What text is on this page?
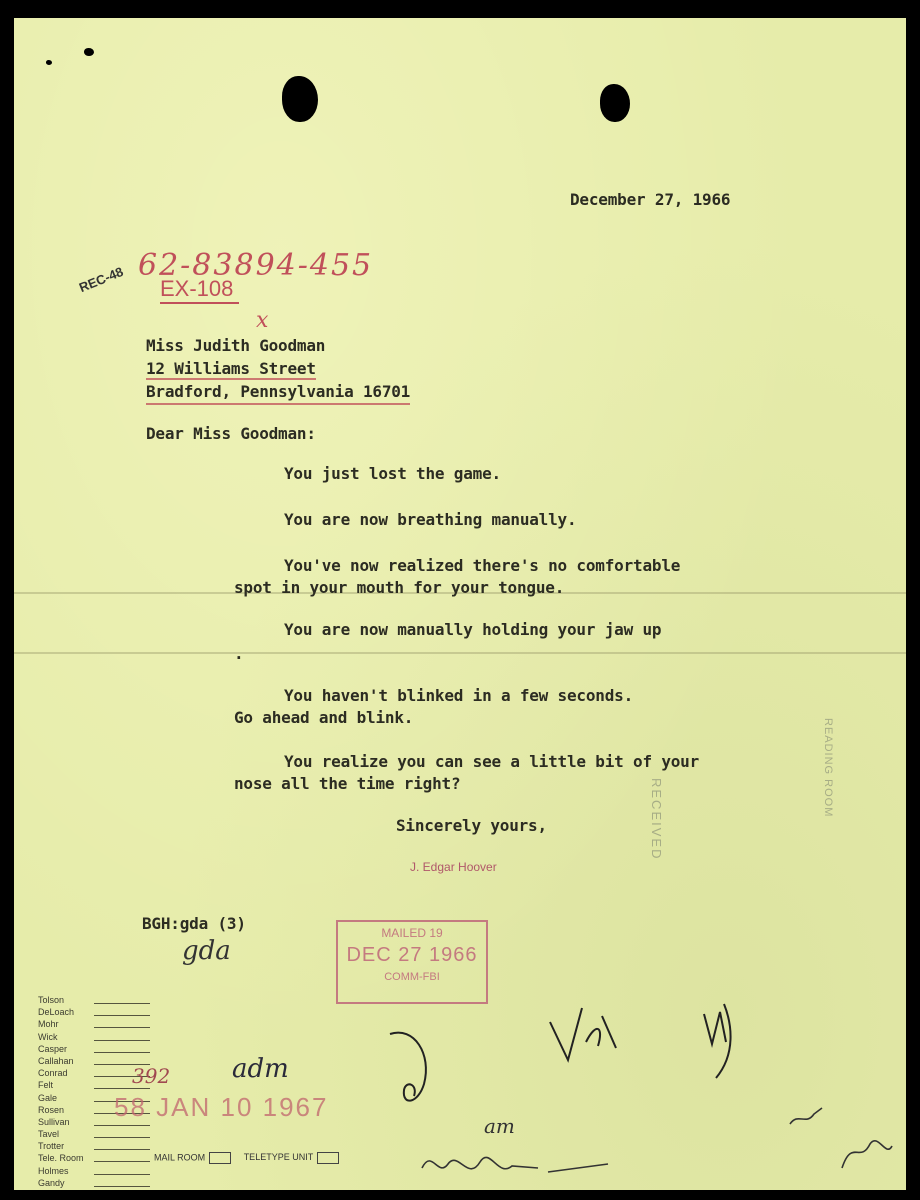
December 27, 1966

REC-48 62-83894-455
EX-108
x

Miss Judith Goodman

12 Williams Street

Bradford, Pennsylvania 16701

Dear Miss Goodman:

You just lost the game.

You are now breathing manually.

You've now realized there's no comfortable

spot in your mouth for your tongue.

You are now manually holding your jaw up

.

You haven't blinked in a few seconds.

Go ahead and blink.

You realize you can see a little bit of your

nose all the time right?

Sincerely yours,

J. Edgar Hoover
RECEIVED
READING ROOM

BGH:gda (3)

gda
MAILED 19
DEC 27 1966
COMM-FBI
Tolson
DeLoach
Mohr
Wick
Casper
Callahan
Conrad
Felt
Gale
Rosen
Sullivan
Tavel
Trotter
Tele. Room
Holmes
Gandy
392 adm
58 JAN 10 1967
am
MAIL ROOM	TELETYPE UNIT
